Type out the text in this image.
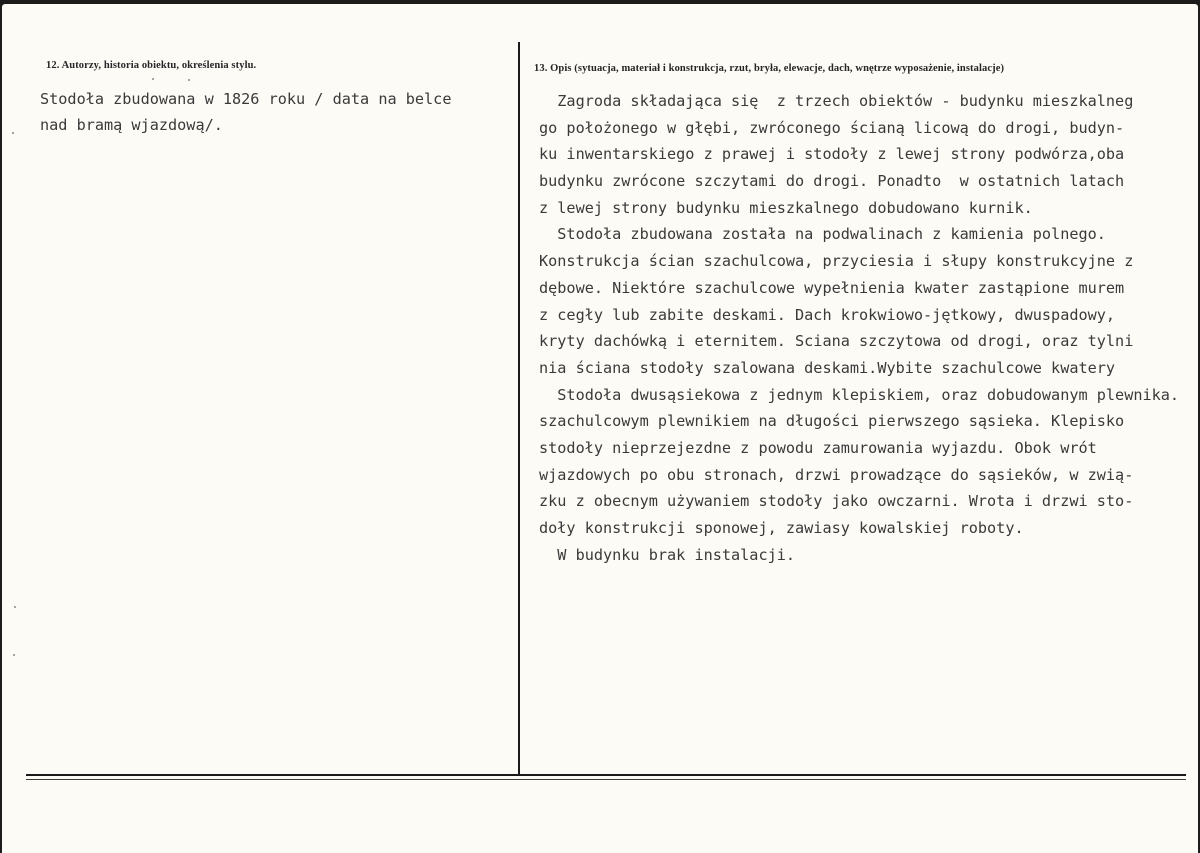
12. Autorzy, historia obiektu, określenia stylu.	13. Opis (sytuacja, materiał i konstrukcja, rzut, bryła, elewacje, dach, wnętrze wyposażenie, instalacje)
Stodoła zbudowana w 1826 roku / data na belce
nad bramą wjazdową/.
Zagroda składająca się  z trzech obiektów - budynku mieszkalneg
go położonego w głębi, zwróconego ścianą licową do drogi, budyn-
ku inwentarskiego z prawej i stodoły z lewej strony podwórza,oba
budynku zwrócone szczytami do drogi. Ponadto  w ostatnich latach
z lewej strony budynku mieszkalnego dobudowano kurnik.
Stodoła zbudowana została na podwalinach z kamienia polnego.
Konstrukcja ścian szachulcowa, przyciesia i słupy konstrukcyjne z
dębowe. Niektóre szachulcowe wypełnienia kwater zastąpione murem
z cegły lub zabite deskami. Dach krokwiowo-jętkowy, dwuspadowy,
kryty dachówką i eternitem. Sciana szczytowa od drogi, oraz tylni
nia ściana stodoły szalowana deskami.Wybite szachulcowe kwatery
Stodoła dwusąsiekowa z jednym klepiskiem, oraz dobudowanym plewnika.
szachulcowym plewnikiem na długości pierwszego sąsieka. Klepisko
stodoły nieprzejezdne z powodu zamurowania wyjazdu. Obok wrót
wjazdowych po obu stronach, drzwi prowadzące do sąsieków, w zwią-
zku z obecnym używaniem stodoły jako owczarni. Wrota i drzwi sto-
doły konstrukcji sponowej, zawiasy kowalskiej roboty.
W budynku brak instalacji.
